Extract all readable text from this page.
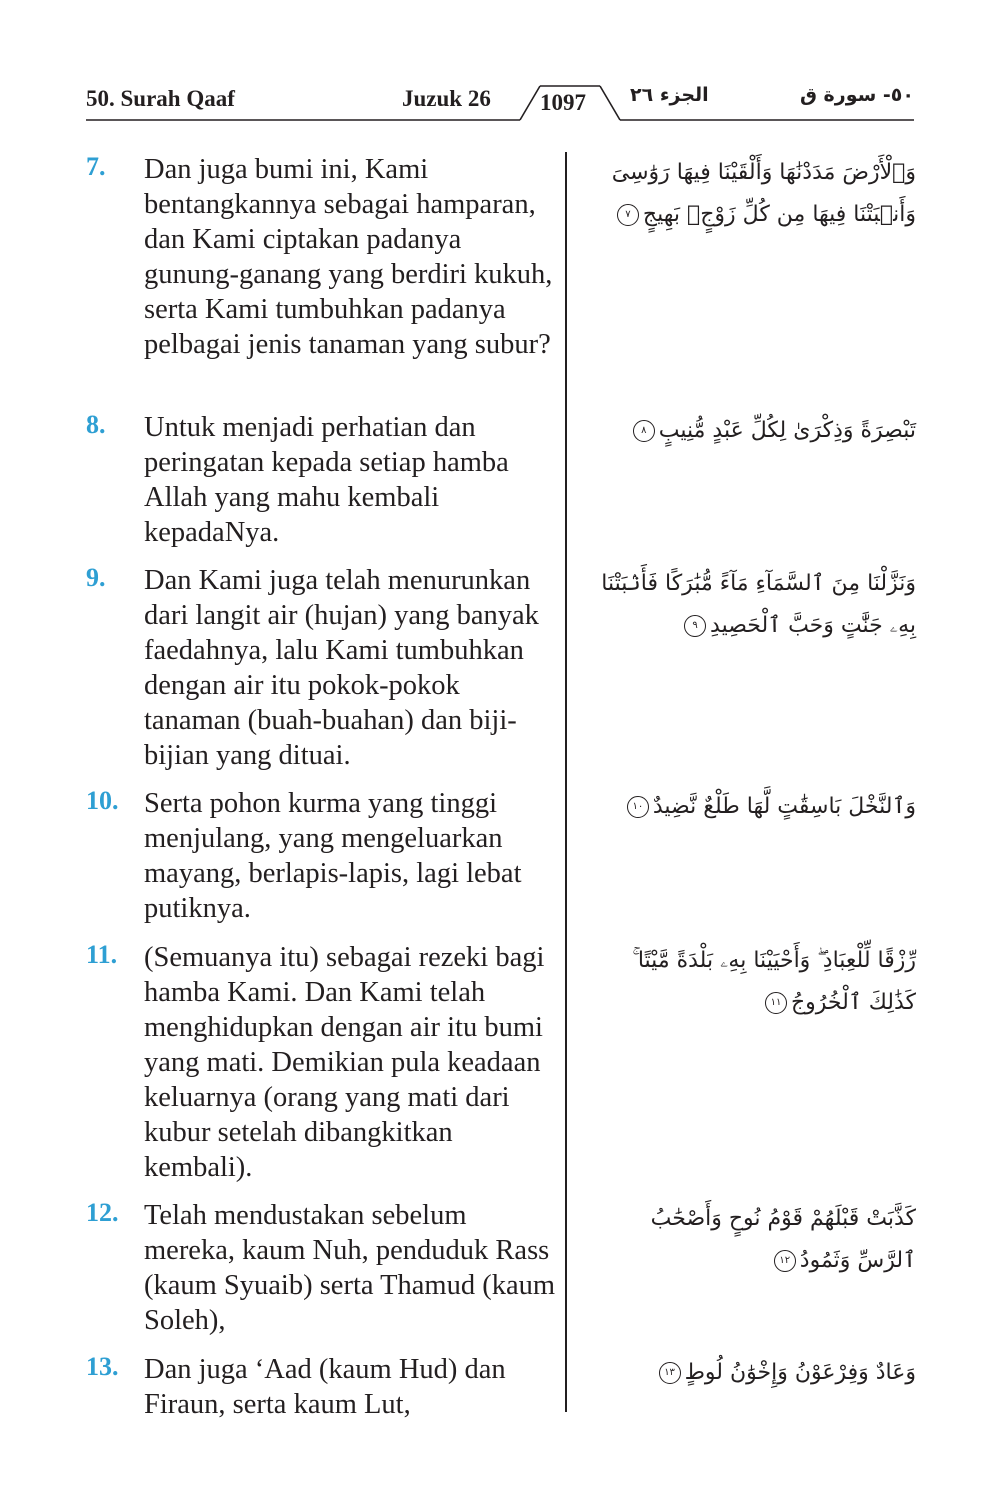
50. Surah Qaaf	Juzuk 26 1097 الجزء ٢٦	٥٠- سورة ق
7. Dan juga bumi ini, Kami bentangkannya sebagai hamparan, dan Kami ciptakan padanya gunung-ganang yang berdiri kukuh, serta Kami tumbuhkan padanya pelbagai jenis tanaman yang subur?
وَٱلْأَرْضَ مَدَدْنَٰهَا وَأَلْقَيْنَا فِيهَا رَوَٰسِىَ وَأَنۢبَتْنَا فِيهَا مِن كُلِّ زَوْجٍۭ بَهِيجٍ٧
8. Untuk menjadi perhatian dan peringatan kepada setiap hamba Allah yang mahu kembali kepadaNya.
تَبْصِرَةً وَذِكْرَىٰ لِكُلِّ عَبْدٍ مُّنِيبٍ٨
9. Dan Kami juga telah menurunkan dari langit air (hujan) yang banyak faedahnya, lalu Kami tumbuhkan dengan air itu pokok-pokok tanaman (buah-buahan) dan biji-bijian yang dituai.
وَنَزَّلْنَا مِنَ ٱلسَّمَآءِ مَآءً مُّبَٰرَكًا فَأَنۢبَتْنَا بِهِۦ جَنَّٰتٍ وَحَبَّ ٱلْحَصِيدِ٩
10. Serta pohon kurma yang tinggi menjulang, yang mengeluarkan mayang, berlapis-lapis, lagi lebat putiknya.
وَٱلنَّخْلَ بَاسِقَٰتٍ لَّهَا طَلْعٌ نَّضِيدٌ١٠
11. (Semuanya itu) sebagai rezeki bagi hamba Kami. Dan Kami telah menghidupkan dengan air itu bumi yang mati. Demikian pula keadaan keluarnya (orang yang mati dari kubur setelah dibangkitkan kembali).
رِّزْقًا لِّلْعِبَادِ ۖ وَأَحْيَيْنَا بِهِۦ بَلْدَةً مَّيْتًا ۚ كَذَٰلِكَ ٱلْخُرُوجُ١١
12. Telah mendustakan sebelum mereka, kaum Nuh, penduduk Rass (kaum Syuaib) serta Thamud (kaum Soleh),
كَذَّبَتْ قَبْلَهُمْ قَوْمُ نُوحٍ وَأَصْحَٰبُ ٱلرَّسِّ وَثَمُودُ١٢
13. Dan juga ‘Aad (kaum Hud) dan Firaun, serta kaum Lut,
وَعَادٌ وَفِرْعَوْنُ وَإِخْوَٰنُ لُوطٍ١٣
